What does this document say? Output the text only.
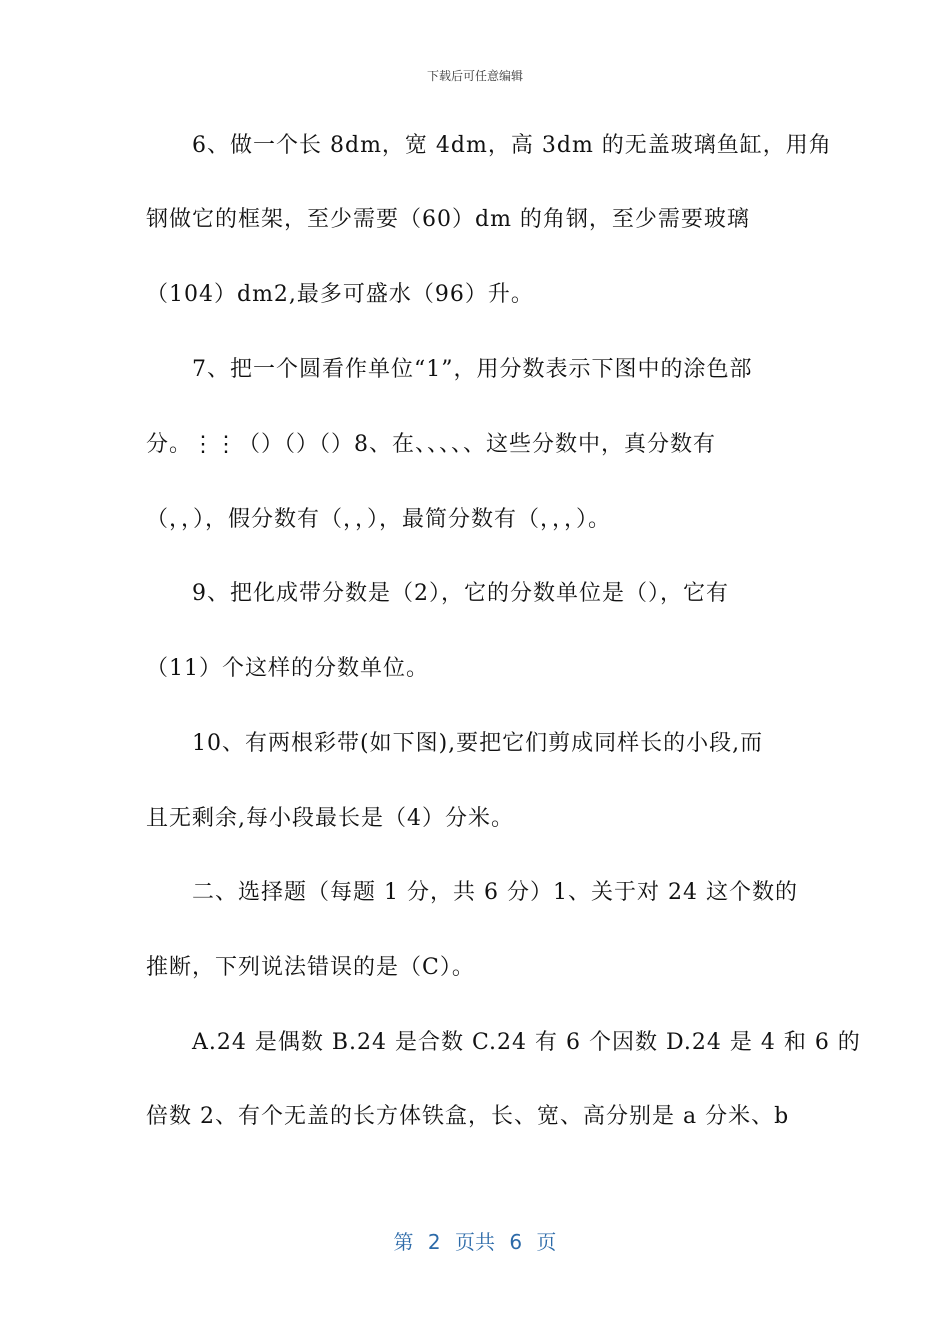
下载后可任意编辑
6、做一个长 8dm，宽 4dm，高 3dm 的无盖玻璃鱼缸，用角
钢做它的框架，至少需要（60）dm 的角钢，至少需要玻璃
（104）dm2,最多可盛水（96）升。
7、把一个圆看作单位“1”，用分数表示下图中的涂色部
分。⋮⋮（）（）（）8、在、、、、、这些分数中，真分数有
（，，），假分数有（，，），最简分数有（，，，）。
9、把化成带分数是（2），它的分数单位是（），它有
（11）个这样的分数单位。
10、有两根彩带(如下图),要把它们剪成同样长的小段,而
且无剩余,每小段最长是（4）分米。
二、选择题（每题 1 分，共 6 分）1、关于对 24 这个数的
推断，下列说法错误的是（C）。
A.24 是偶数 B.24 是合数 C.24 有 6 个因数 D.24 是 4 和 6 的
倍数 2、有个无盖的长方体铁盒，长、宽、高分别是 a 分米、b
第 2 页共 6 页
